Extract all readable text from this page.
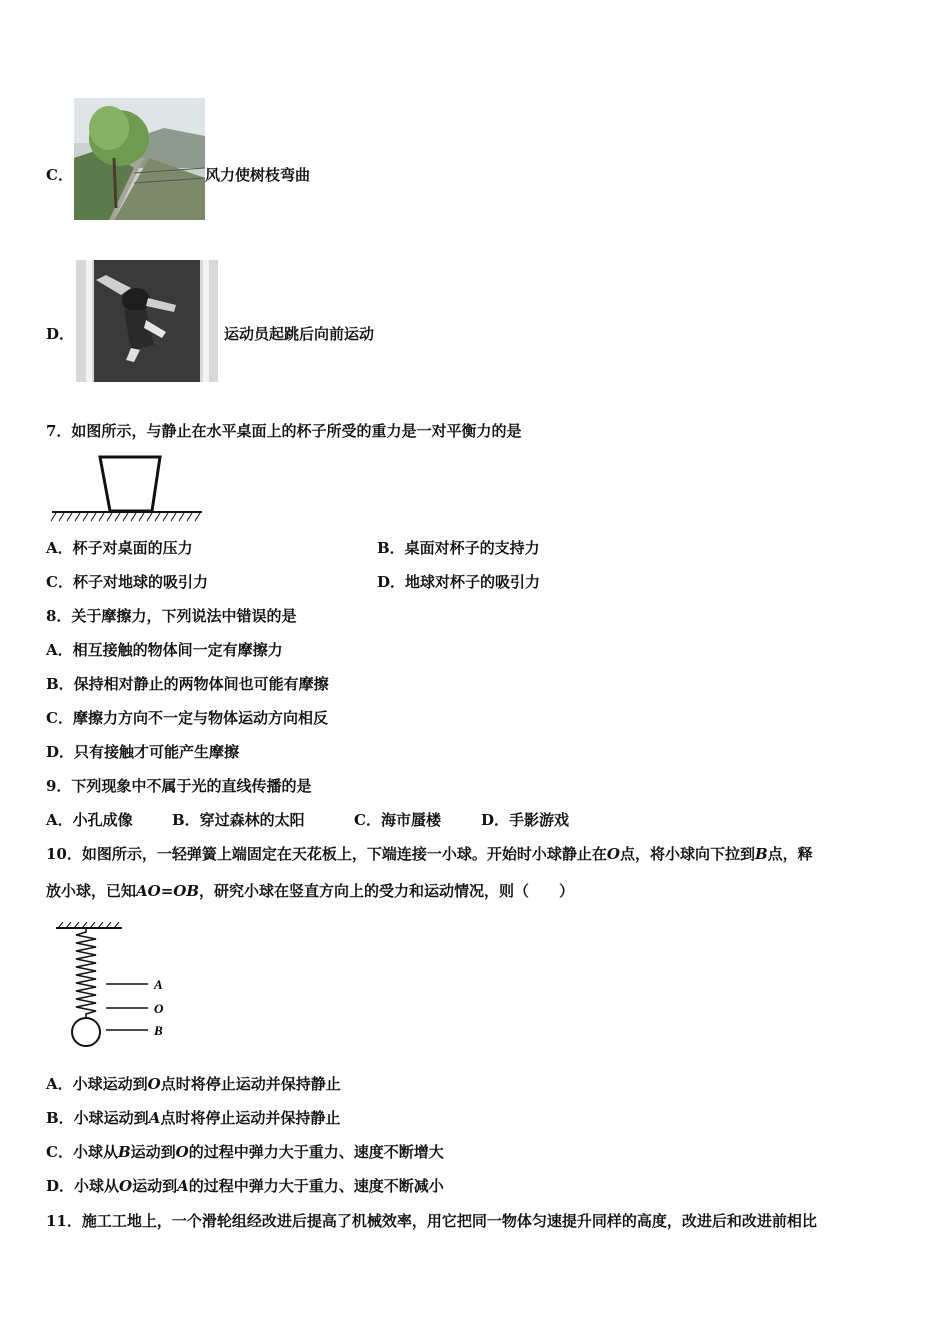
C．	风力使树枝弯曲
D．	运动员起跳后向前运动
7．如图所示，与静止在水平桌面上的杯子所受的重力是一对平衡力的是
A．杯子对桌面的压力	B．桌面对杯子的支持力
C．杯子对地球的吸引力	D．地球对杯子的吸引力
8．关于摩擦力，下列说法中错误的是
A．相互接触的物体间一定有摩擦力
B．保持相对静止的两物体间也可能有摩擦
C．摩擦力方向不一定与物体运动方向相反
D．只有接触才可能产生摩擦
9．下列现象中不属于光的直线传播的是
A．小孔成像	B．穿过森林的太阳	C．海市蜃楼	D．手影游戏
10．如图所示，一轻弹簧上端固定在天花板上，下端连接一小球。开始时小球静止在O点，将小球向下拉到B点，释
放小球，已知AO=OB，研究小球在竖直方向上的受力和运动情况，则（　　）
A
O
B
A．小球运动到O点时将停止运动并保持静止
B．小球运动到A点时将停止运动并保持静止
C．小球从B运动到O的过程中弹力大于重力、速度不断增大
D．小球从O运动到A的过程中弹力大于重力、速度不断减小
11．施工工地上，一个滑轮组经改进后提高了机械效率，用它把同一物体匀速提升同样的高度，改进后和改进前相比
